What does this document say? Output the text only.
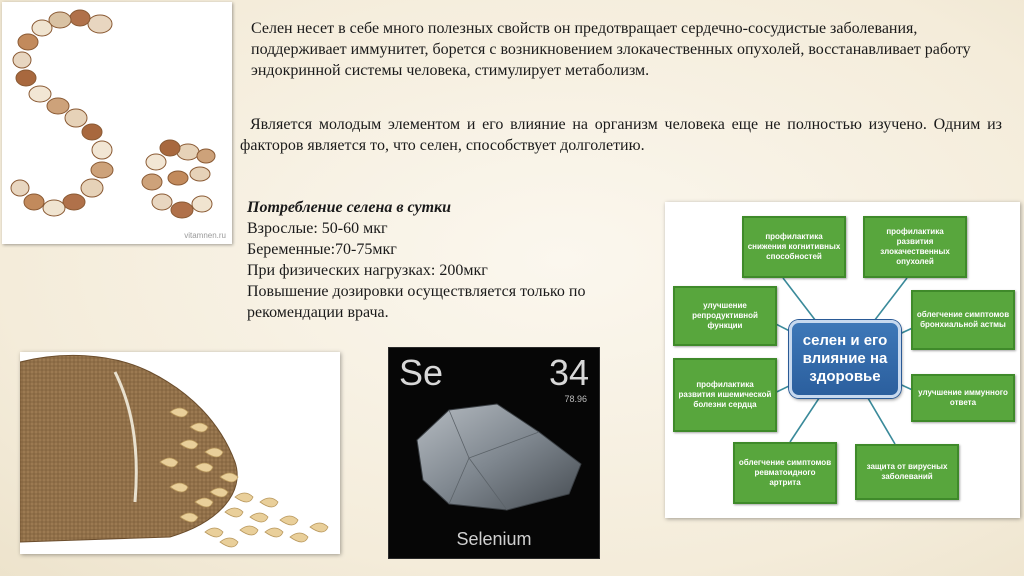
vitamnen.ru

Селен несет в себе много полезных свойств он предотвращает сердечно-сосудистые заболевания, поддерживает иммунитет, борется с возникновением злокачественных опухолей, восстанавливает работу эндокринной системы человека, стимулирует метаболизм.

Является молодым элементом и его влияние на организм человека еще не полностью изучено. Одним из факторов является то, что селен, способствует долголетию.

Потребление селена в сутки
Взрослые: 50-60 мкг
Беременные:70-75мкг
При физических нагрузках: 200мкг
Повышение дозировки осуществляется только по рекомендации врача.
Se	34
78.96
Selenium
профилактика снижения когнитивных способностей
профилактика развития злокачественных опухолей
улучшение репродуктивной функции
облегчение симптомов бронхиальной астмы
профилактика развития ишемической болезни сердца
улучшение иммунного ответа
облегчение симптомов ревматоидного артрита
защита от вирусных заболеваний
селен и его влияние на здоровье
